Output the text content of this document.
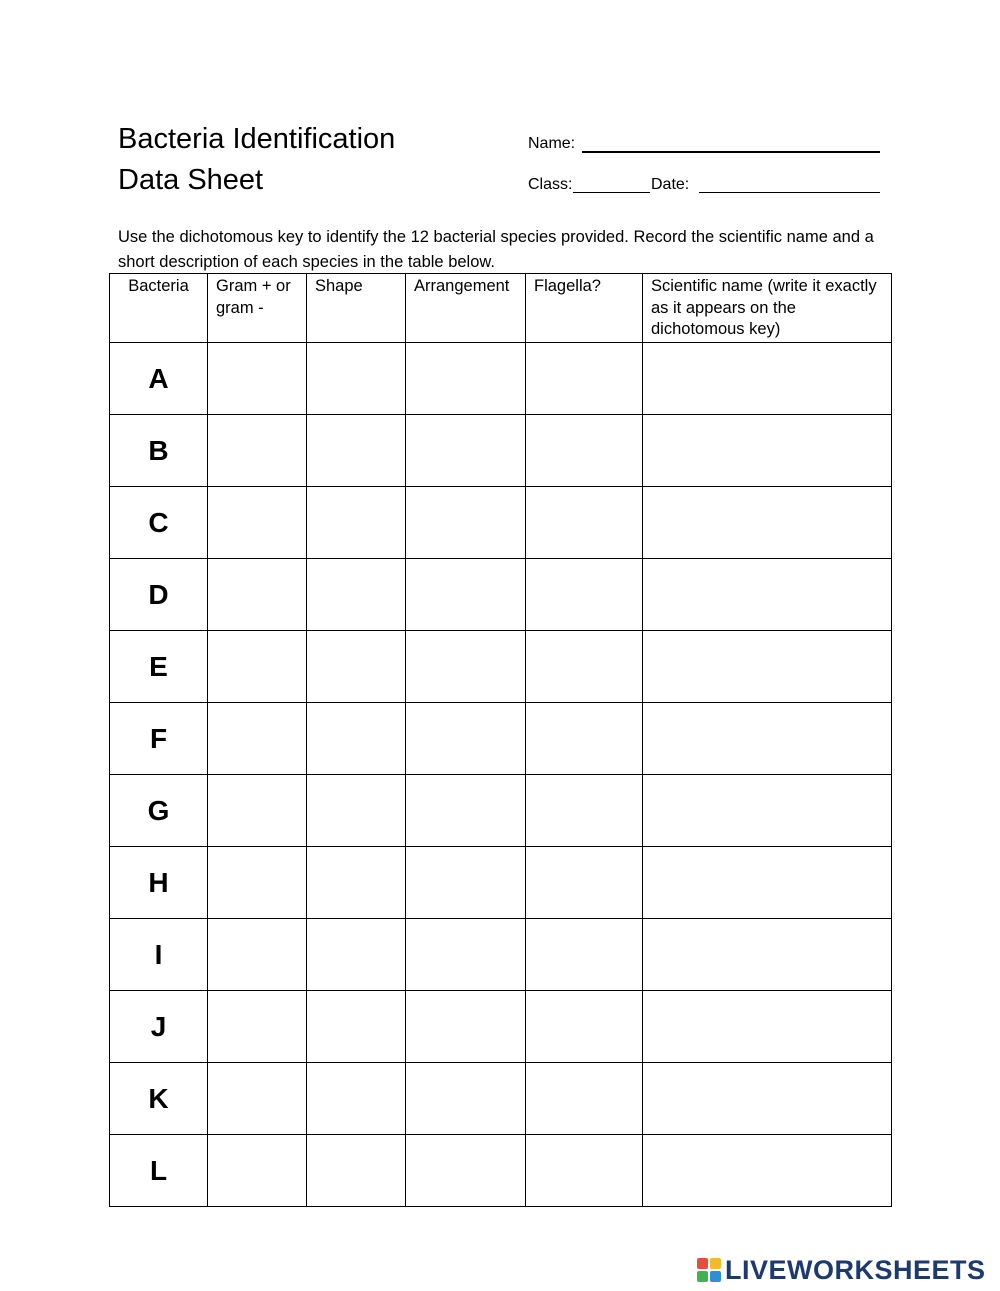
Bacteria Identification
Data Sheet
Name:
Class:	Date:

Use the dichotomous key to identify the 12 bacterial species provided. Record the scientific name and a short description of each species in the table below.

Bacteria	Gram + or gram -	Shape	Arrangement	Flagella?	Scientific name (write it exactly as it appears on the dichotomous key)
A					
B					
C					
D					
E					
F					
G					
H					
I					
J					
K					
L					
LIVEWORKSHEETS
